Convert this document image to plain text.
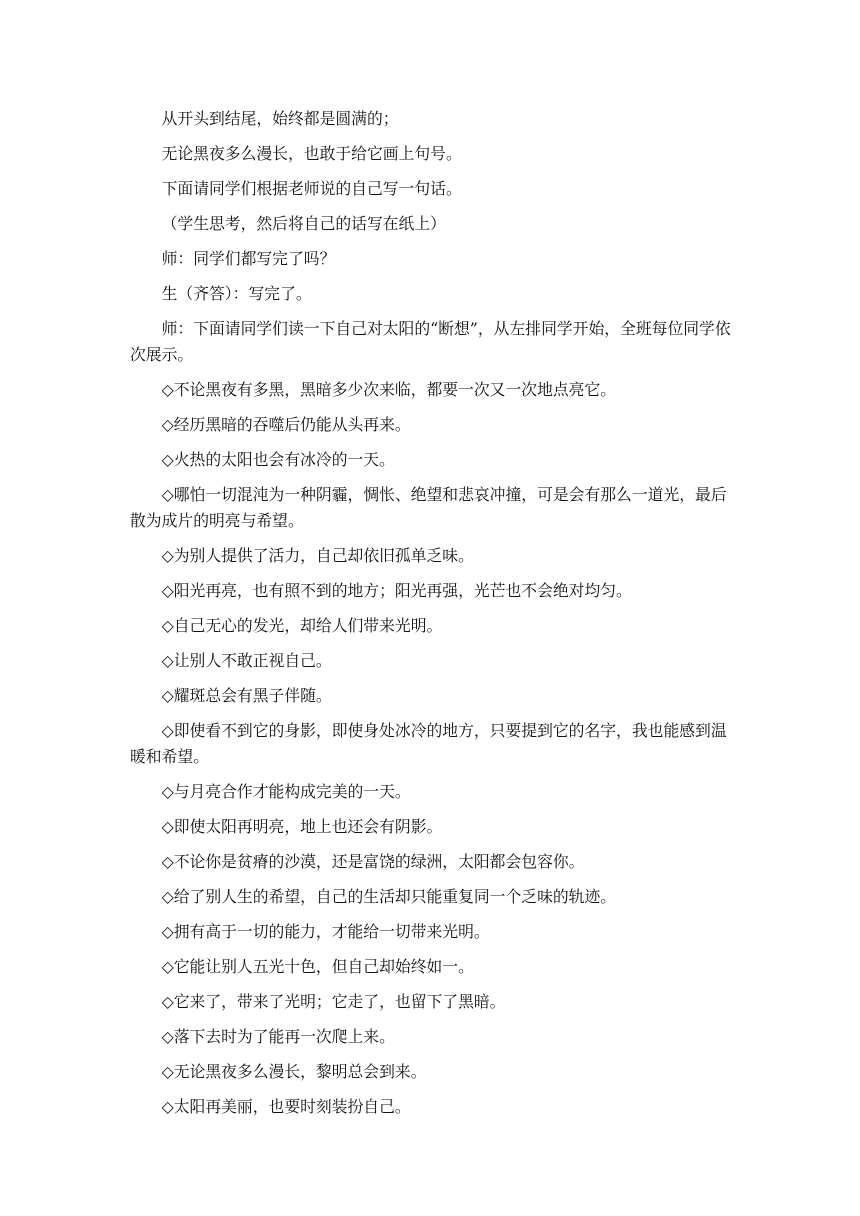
从开头到结尾，始终都是圆满的；

无论黑夜多么漫长，也敢于给它画上句号。

下面请同学们根据老师说的自己写一句话。

（学生思考，然后将自己的话写在纸上）

师：同学们都写完了吗？

生（齐答）：写完了。

师：下面请同学们读一下自己对太阳的“断想”，从左排同学开始，全班每位同学依次展示。

◇不论黑夜有多黑，黑暗多少次来临，都要一次又一次地点亮它。

◇经历黑暗的吞噬后仍能从头再来。

◇火热的太阳也会有冰冷的一天。

◇哪怕一切混沌为一种阴霾，惆怅、绝望和悲哀冲撞，可是会有那么一道光，最后散为成片的明亮与希望。

◇为别人提供了活力，自己却依旧孤单乏味。

◇阳光再亮，也有照不到的地方；阳光再强，光芒也不会绝对均匀。

◇自己无心的发光，却给人们带来光明。

◇让别人不敢正视自己。

◇耀斑总会有黑子伴随。

◇即使看不到它的身影，即使身处冰冷的地方，只要提到它的名字，我也能感到温暖和希望。

◇与月亮合作才能构成完美的一天。

◇即使太阳再明亮，地上也还会有阴影。

◇不论你是贫瘠的沙漠，还是富饶的绿洲，太阳都会包容你。

◇给了别人生的希望，自己的生活却只能重复同一个乏味的轨迹。

◇拥有高于一切的能力，才能给一切带来光明。

◇它能让别人五光十色，但自己却始终如一。

◇它来了，带来了光明；它走了，也留下了黑暗。

◇落下去时为了能再一次爬上来。

◇无论黑夜多么漫长，黎明总会到来。

◇太阳再美丽，也要时刻装扮自己。
